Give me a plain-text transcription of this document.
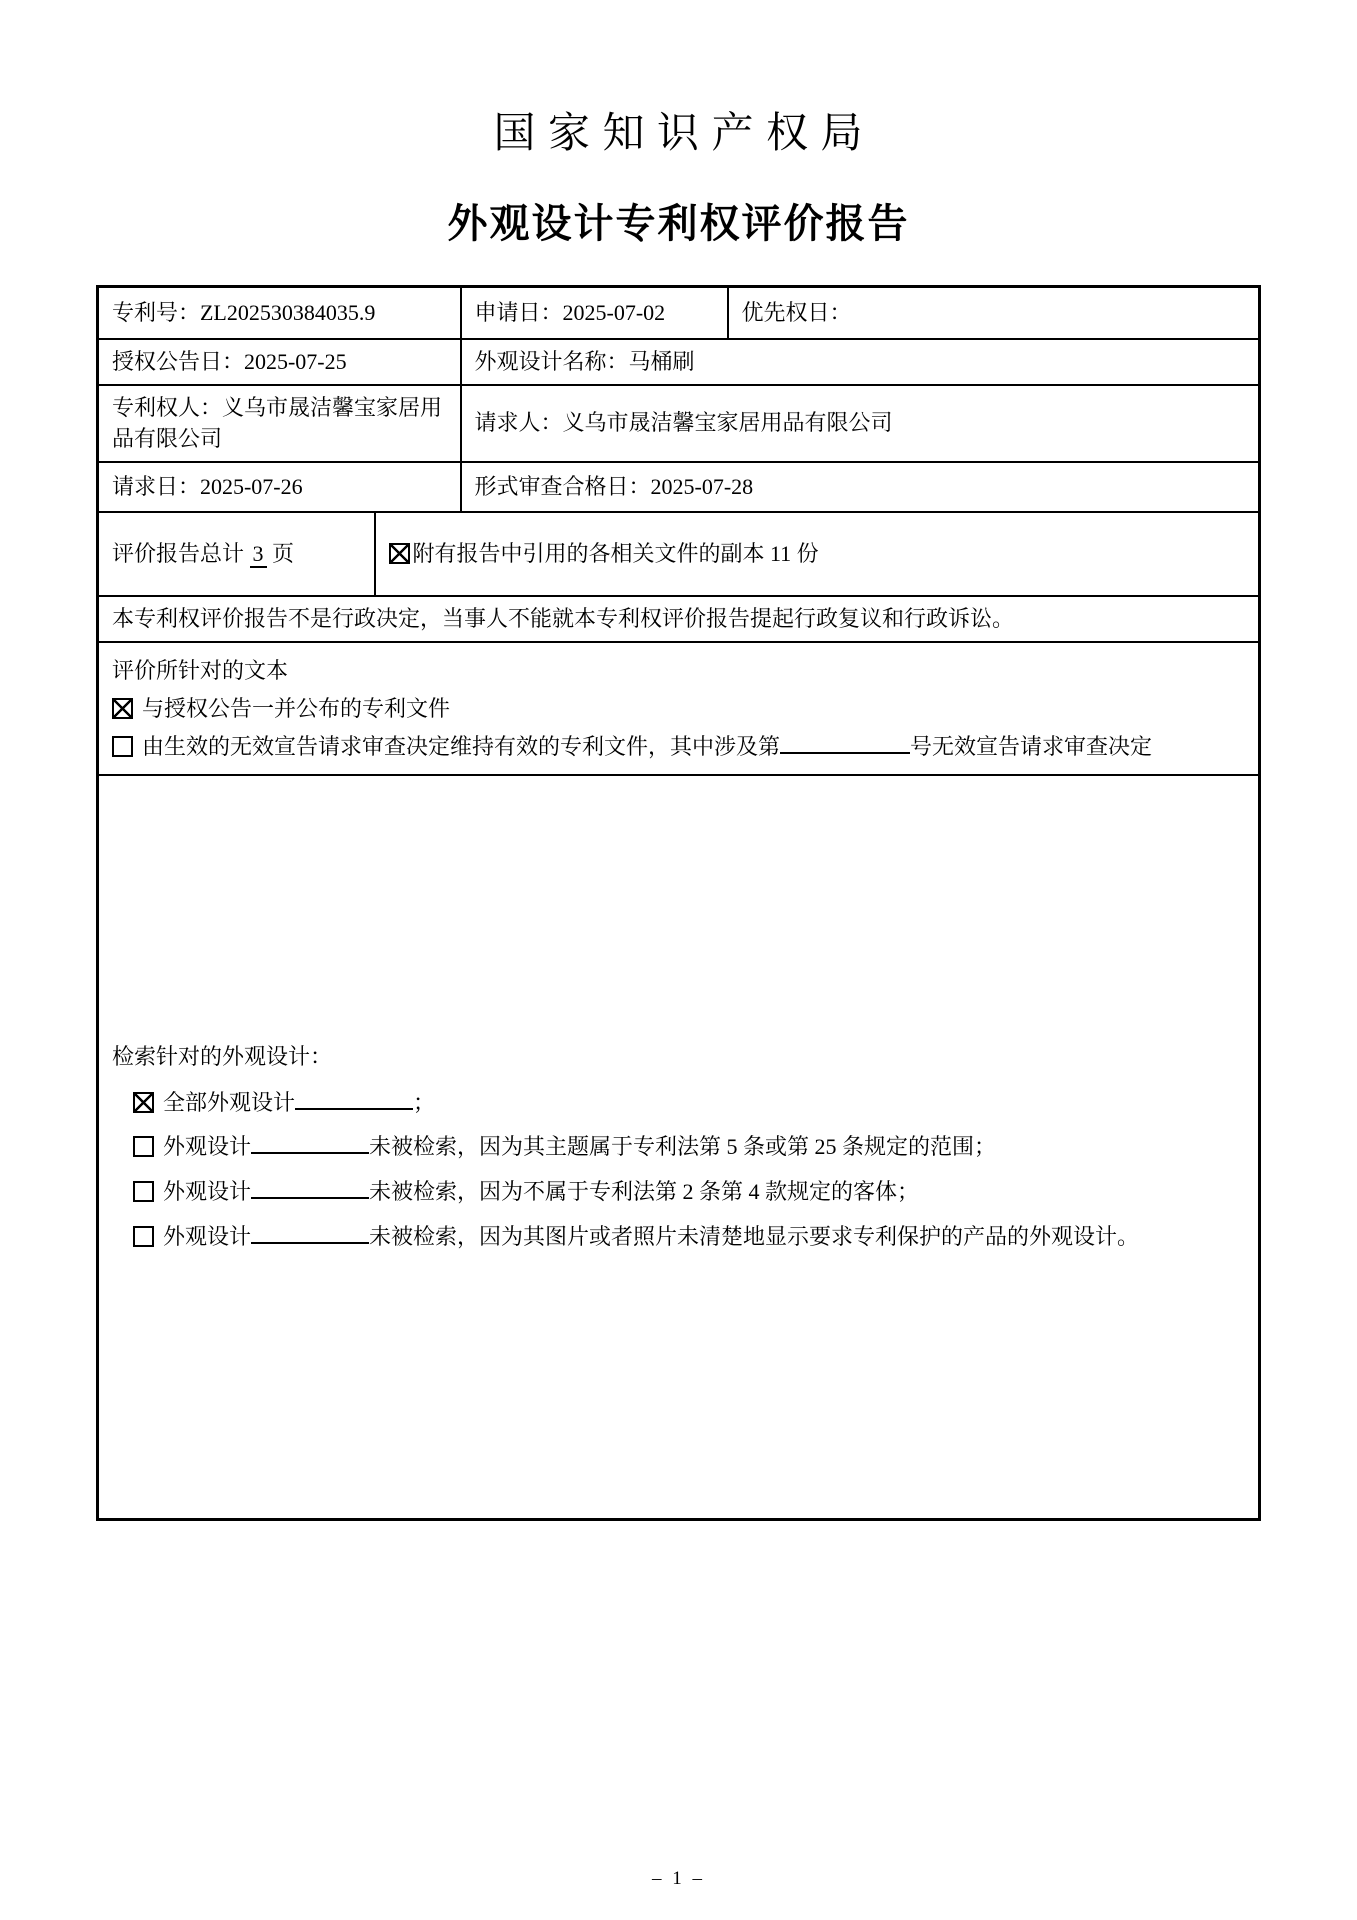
国 家 知 识 产 权 局
外观设计专利权评价报告
专利号：ZL202530384035.9		申请日：2025-07-02	优先权日：
授权公告日：2025-07-25		外观设计名称：马桶刷	
专利权人：义乌市晟洁馨宝家居用品有限公司		请求人：义乌市晟洁馨宝家居用品有限公司	
请求日：2025-07-26		形式审查合格日：2025-07-28	
评价报告总计 3 页	附有报告中引用的各相关文件的副本 11 份		
本专利权评价报告不是行政决定，当事人不能就本专利权评价报告提起行政复议和行政诉讼。			

评价所针对的文本
与授权公告一并公布的专利文件
由生效的无效宣告请求审查决定维持有效的专利文件，其中涉及第 号无效宣告请求审查决定			

检索针对的外观设计：
全部外观设计 ；
外观设计 未被检索，因为其主题属于专利法第 5 条或第 25 条规定的范围；
外观设计 未被检索，因为不属于专利法第 2 条第 4 款规定的客体；
外观设计 未被检索，因为其图片或者照片未清楚地显示要求专利保护的产品的外观设计。			
– 1 –
